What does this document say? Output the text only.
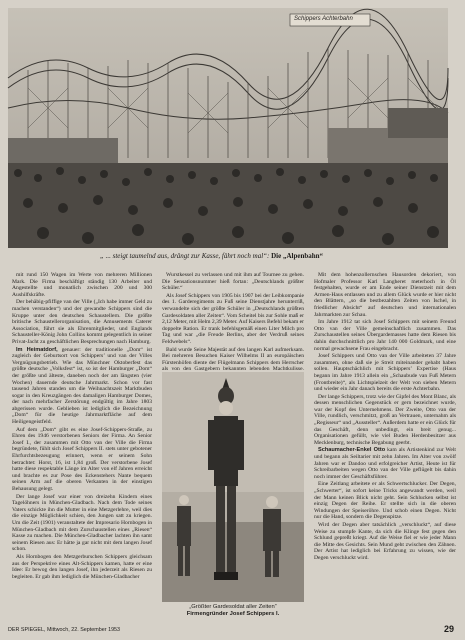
Schippers Achterbahn
„ ... steigt taumelnd aus, drängt zur Kasse, fährt noch mal“: Die „Alpenbahn“

mit rund 150 Wagen im Werte von mehreren Millionen Mark. Die Firma beschäftigt ständig 130 Arbeiter und Angestellte und monatlich zwischen 200 und 300 Aushilfskräfte.

Der behäbig-pfiffige van der Ville („Ich habe immer Geld zu machen verstanden“) und der gewandte Schippers sind die Kruppe unter den deutschen Schaustellern. Die größte britische Schaustellerorganisation, die Amusements Caterer Association, führt sie als Ehrenmitglieder, und Englands Schausteller-König John Collins kommt gelegentlich in seiner Privat-Jacht zu geschäftlichen Besprechungen nach Hamburg.

Im Heimatdorf, genauer: der traditionelle „Dom“ ist zugleich der Geburtsort von Schippers’ und van der Villes Vergnügungsbetrieb. Wie das Münchner Oktoberfest das größte deutsche „Volksfest“ ist, so ist der Hamburger „Dom“ der größte und älteste, daneben noch der am längsten (vier Wochen) dauernde deutsche Jahrmarkt. Schon vor fast tausend Jahren standen um die Weihnachtszeit Marktbuden sogar in den Kreuzgängen des damaligen Hamburger Domes, der nach mehrfacher Zerstörung endgültig im Jahre 1803 abgerissen wurde. Geblieben ist lediglich die Bezeichnung „Dom“ für die heutige Jahrmarktfläche auf dem Heiligengeistfeld.

Auf dem „Dom“ gibt es eine Josef-Schippers-Straße, zu Ehren des 1946 verstorbenen Seniors der Firma. An Senior Josef I., der zusammen mit Otto van der Ville die Firma begründete, fühlt sich Josef Schippers II. stets unter gebotener Ehrfurchtsbezeugung erinnert, wenn er seinem Sohn betrachtet: Horst, 16, ist 1,84 groß. Der verstorbene Josef hatte diese respektable Länge im Alter von elf Jahren erreicht und brachte es zur Pose des Eckenstehers Nante bequem seinen Arm auf die oberen Verkanten in der einstigen Behausung gelegt.

Der lange Josef war einer von dreizehn Kindern eines Tagelöhners in München-Gladbach. Nach dem Tode seines Vaters schickte ihn die Mutter in eine Metzgerlehre, weil dies die einzige Möglichkeit schien, den Jungen satt zu kriegen. Um die Zeit (1901) veranstaltete der Impresario Hornbogen in München-Gladbach mit dem Zurschaustellen eines „Riesen“ Kasse zu machen. Die München-Gladbacher lachten ihn samt seinem Riesen aus: Er hätte ja gar nicht mit dem langen Josef schon.

Als Hornbogen den Metzgerburschen Schippers gleichsam aus der Perspektive eines Alt-Schippers kamen, hatte er eine Idee: Er bewog den langen Josef, ihn jederzeit als Riesen zu begleiten. Er gab ihm lediglich die München-Gladbacher

Wurstkessel zu verlassen und mit ihm auf Tournee zu gehen. Die Sensationsnummer hieß fortan: „Deutschlands größter Schüler.“

Als Josef Schippers von 1905 bis 1907 bei der Leibkompanie des 1. Garderegiments zu Fuß seine Dienstjahre herunterriß, verwandelte sich der größte Schüler in „Deutschlands größten Gardesoldaten aller Zeiten“. Vom Scheitel bis zur Sohle maß er 2,12 Meter, mit Helm 2,39 Meter. Auf Kaisers Befehl bekam er doppelte Ration. Er trank befehlsgemäß einen Liter Milch pro Tag und war „die Freude Berlins, aber der Verdruß seines Feldwebels“.

Bald wurde Seine Majestät auf den langen Karl aufmerksam. Bei mehreren Besuchen Kaiser Wilhelms II an europäischen Fürstenhöfen diente der Flügelmann Schippers dem Herrscher als von den Gastgebern bekannten lebenden Machtkulisse.

„Größter Gardesoldat aller Zeiten“
Firmengründer Josef Schippers I.

Mit dem hohenzollernschen Hausorden dekoriert, von Hofmaler Professor Karl Langheret meterhoch in Öl festgehalten, wurde er am Ende seiner Dienstzeit mit dem Armen-Haus entlassen und zu allem Glück wurde er hier nicht den Blättern, „so die bestbezahlten Zeiten von Ischel, in friedlicher Absicht“ auf deutschen und internationalen Jahrmarkten zur Schau.

Im Jahre 1912 tat sich Josef Schippers mit seinem Freund Otto van der Ville gemeinschaftlich zusammen. Das Zurschaustellen seines Übergardemasses hatte dem Riesen bis dahin durchschnittlich pro Jahr 140 000 Goldmark, und eine normal gewachsene Frau eingebracht.

Josef Schippers und Otto van der Ville arbeiteten 37 Jahre zusammen, ohne daß sie je Streit miteinander gehabt haben sollen. Hauptschächlich mit Schippers’ Expertise (Haus begann im Jahre 1913 allein ein „Schaubude van Fuß Metern (Frontbreite)“, als Lichtspielzeit der Welt von sieben Metern und wieder ein Jahr danach bereits die erste Achterbahn.

Der lange Schippers, trotz wie der Gipfel des Mont Blanc, als dessen menschlichen Gegenstück er gern bezeichnet wurde, war der Kopf des Unternehmens. Der Zweite, Otto van der Ville, rundlich, verschmitzt, groß an Vertrauen, unternahm als „Regisseur“ und „Aussteller“. Außerdem hatte er ein Glück für das Geschäft, denn unbedingt, ein breit genug... Organisationen gefüllt, wie viel Buden Herdenbesitzer aus Mecklenburg, technische Begabung geerbt.

Schaumacher-Enkel Otto kam als Artistenkind zur Welt und begann als Seiltarier mit zehn Jahren. Im Alter von zwölf Jahren war er Dandoo und erfolgreicher Artist, Heute ist für Schreibarbeiten wegen Otto van der Ville geflügelt bis dahin noch immer der Geschäftsführer.

Eine Zeitlang arbeitete er als Schwertschlucker. Der Degen, „Schwerter“, ist sofort keine Tricks angewandt werden, weil der Mann keinen Blick nicht geht. Sein Schlucken selbst ist einzig Degen der Reihe. Er stellte sich in die oberen Windungen der Speiseröhre. Und schob einen Degen. Nicht nur die Hand, sondern die Degenspitze.

Wird der Degen aber tatsächlich „verschluckt“, auf diese Weise zu stumpfe Kante, da sich die Klinge fest gegen den Schlund gepreßt kriegt. Auf die Weise fiel er wie jeder Mann die Mitte des Gesichts. Sein Mund geht zwischen den Zähnen. Der Artist hat lediglich bei Erfahrung zu wissen, wie der Degen verschluckt wird.

DER SPIEGEL, Mittwoch, 22. September 1953	29
